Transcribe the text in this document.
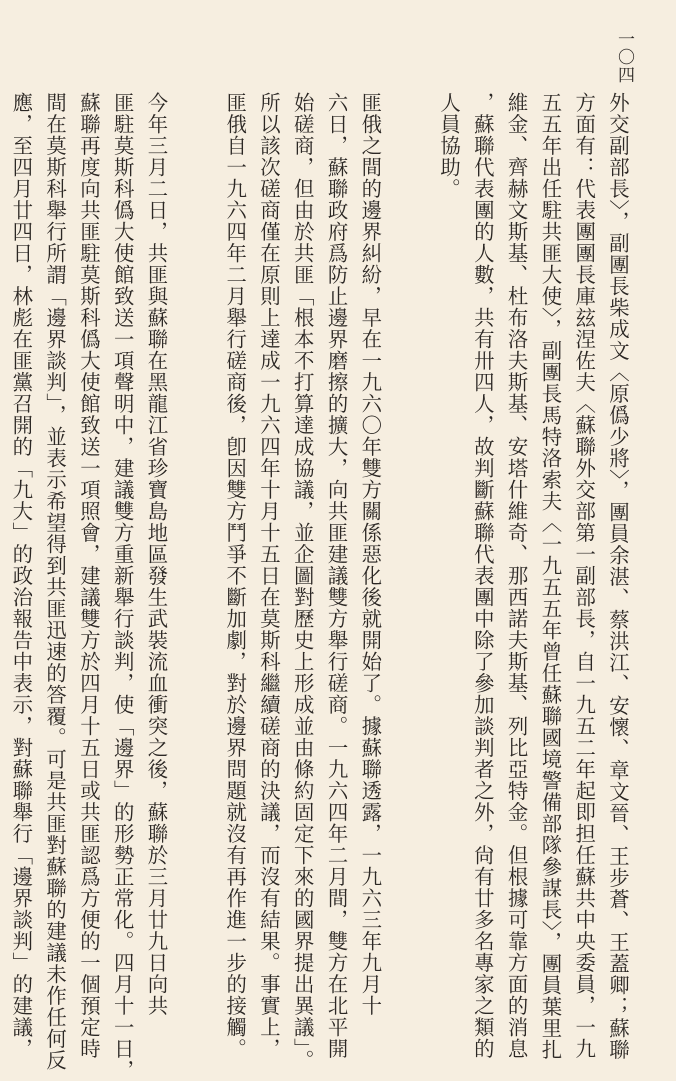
一〇四
外交副部長〉，副團長柴成文〈原僞少將〉，團員余湛、蔡洪江、安懷、章文晉、王步蒼、王蓋卿；蘇聯
方面有：代表團團長庫玆涅佐夫〈蘇聯外交部第一副部長，自一九五二年起即担任蘇共中央委員，一九
五五年出任駐共匪大使〉，副團長馬特洛索夫〈一九五五年曾任蘇聯國境警備部隊參謀長〉，團員葉里扎
維金、齊赫文斯基、杜布洛夫斯基、安塔什維奇、那西諾夫斯基、列比亞特金。但根據可靠方面的消息
，蘇聯代表團的人數，共有卅四人，故判斷蘇聯代表團中除了參加談判者之外，尙有廿多名專家之類的
人員協助。
匪俄之間的邊界糾紛，早在一九六〇年雙方關係惡化後就開始了。據蘇聯透露，一九六三年九月十
六日，蘇聯政府爲防止邊界磨擦的擴大，向共匪建議雙方舉行磋商。一九六四年二月間，雙方在北平開
始磋商，但由於共匪「根本不打算達成協議，並企圖對歷史上形成並由條約固定下來的國界提出異議」。
所以該次磋商僅在原則上達成一九六四年十月十五日在莫斯科繼續磋商的決議，而沒有結果。事實上，
匪俄自一九六四年二月舉行磋商後，卽因雙方鬥爭不斷加劇，對於邊界問題就沒有再作進一步的接觸。
今年三月二日，共匪與蘇聯在黑龍江省珍寶島地區發生武裝流血衝突之後，蘇聯於三月廿九日向共
匪駐莫斯科僞大使館致送一項聲明中，建議雙方重新舉行談判，使「邊界」的形勢正常化。四月十一日，
蘇聯再度向共匪駐莫斯科僞大使館致送一項照會，建議雙方於四月十五日或共匪認爲方便的一個預定時
間在莫斯科舉行所謂「邊界談判」，並表示希望得到共匪迅速的答覆。可是共匪對蘇聯的建議未作任何反
應，至四月廿四日，林彪在匪黨召開的「九大」的政治報告中表示，對蘇聯舉行「邊界談判」的建議，
